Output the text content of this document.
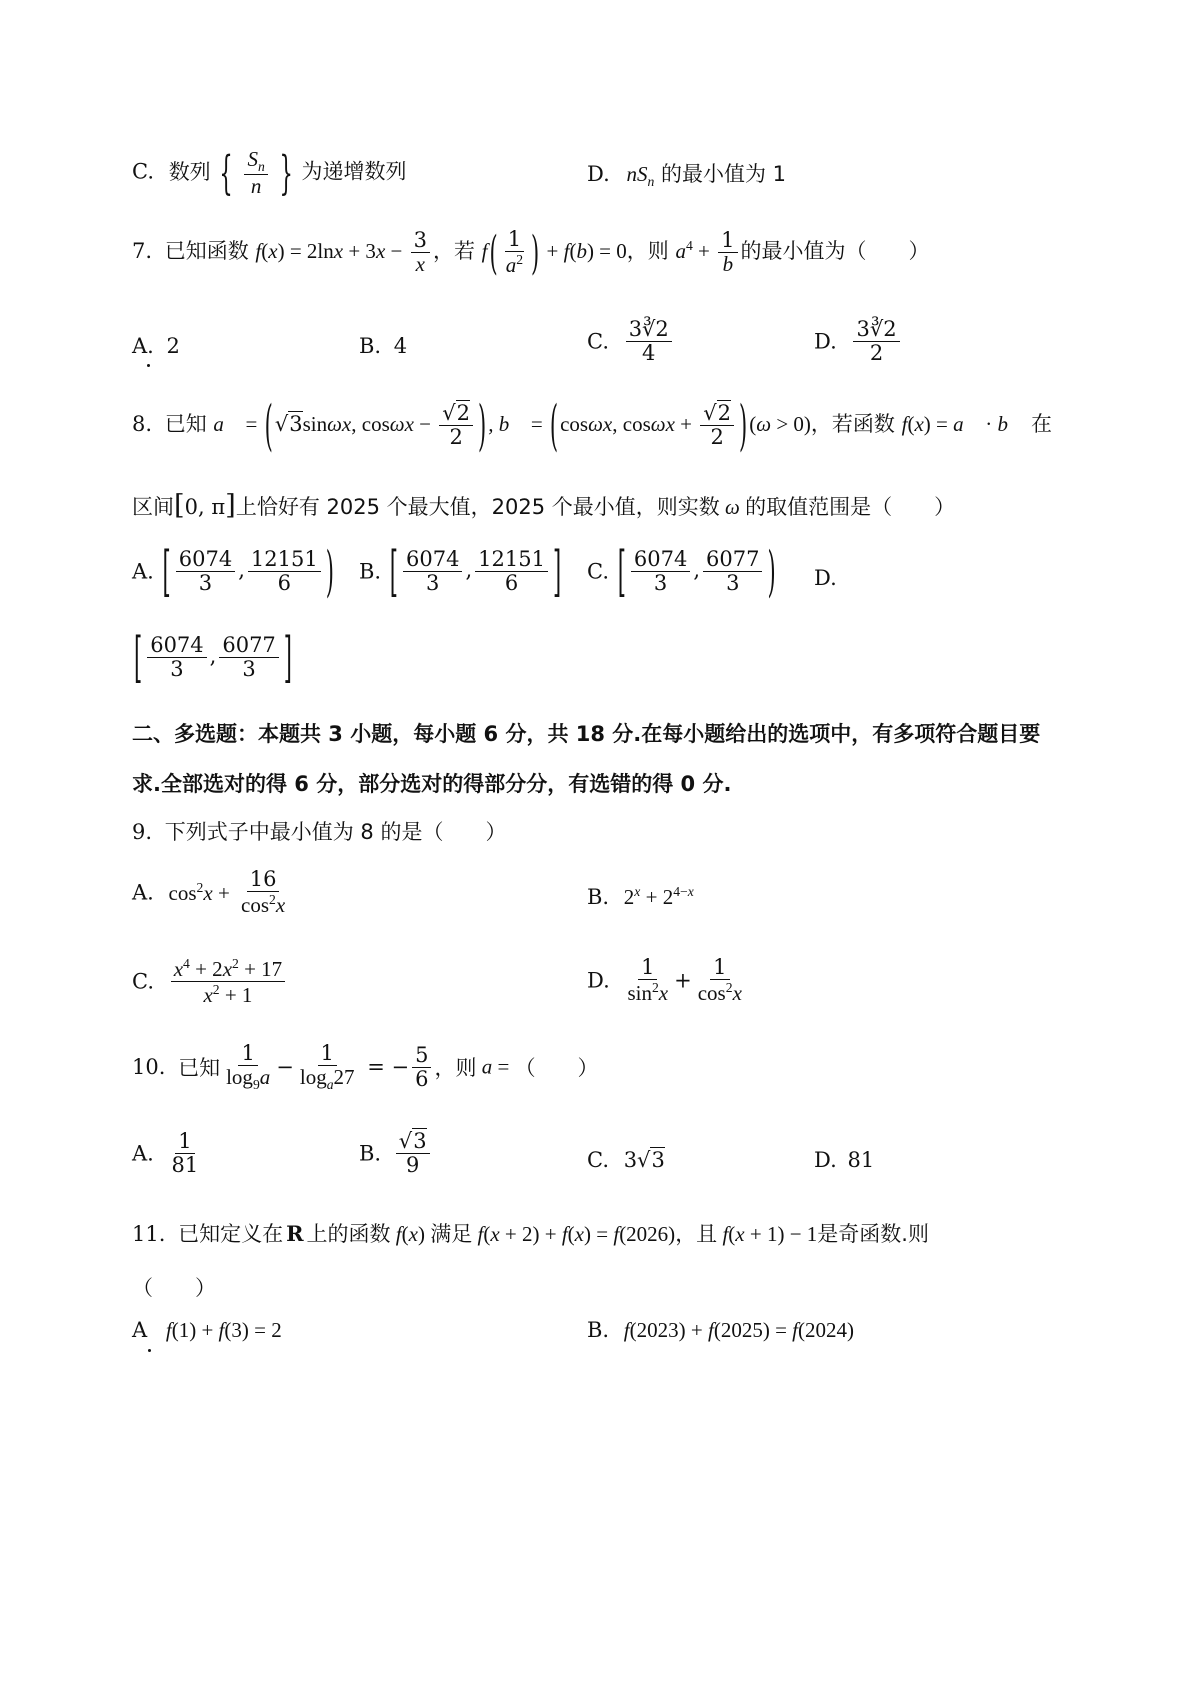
C. 数列 { $\frac{S_n}{n}$ } 为递增数列	D. $nS_n$ 的最小值为 1
7. 已知函数 $f(x) = 2\ln x + 3x - \frac{3}{x}$ ，若 $f( \frac{1}{a^2}$ ) + f(b) = 0，则 $a^4 + \frac{1}{b}$ 的最小值为（　　）
A. 2	B. 4	C. $\frac{3∛2}{4}$	D. $\frac{3∛2}{2}$
8. 已知 a⃗ = (√3sinωx, $\cos\omega x - \frac{√2}{2}$ ), b⃗ = (cosωx, $\cos\omega x + \frac{√2}{2} )(\omega > 0)$，若函数 f(x) = a⃗ · b⃗ 在
区间[0, π]上恰好有 2025 个最大值，2025 个最小值，则实数 ω 的取值范围是（　　）
A. [ $\frac{6074}{3}$ , $\frac{12151}{6}$ ) B. [ $\frac{6074}{3}$ , $\frac{12151}{6}$ ] C. [ $\frac{6074}{3}$ , $\frac{6077}{3}$ ) D.
[ $\frac{6074}{3}$ , $\frac{6077}{3}$ ]
二、多选题：本题共 3 小题，每小题 6 分，共 18 分.在每小题给出的选项中，有多项符合题目要
求.全部选对的得 6 分，部分选对的得部分分，有选错的得 0 分.
9. 下列式子中最小值为 8 的是（　　）
A. $\cos^2x + \frac{16}{\cos^2x}$	B. $2^x + 2^{4-x}$
C. $\frac{x^4 + 2x^2 + 17}{x^2 + 1}$	D. $\frac{1}{\sin^2x} + \frac{1}{\cos^2x}$
10. 已知 $\frac{1}{\log_9a} - \frac{1}{\log_a27}$ = − $\frac{5}{6}$ ，则 a = （　　）
A. $\frac{1}{81}$	B. $\frac{√3}{9}$	C. 3√3	D. 81
11. 已知定义在 R 上的函数 f(x) 满足 f(x + 2) + f(x) = f(2026)，且 f(x + 1) − 1是奇函数.则
（　　）
A f(1) + f(3) = 2	B. f(2023) + f(2025) = f(2024)
